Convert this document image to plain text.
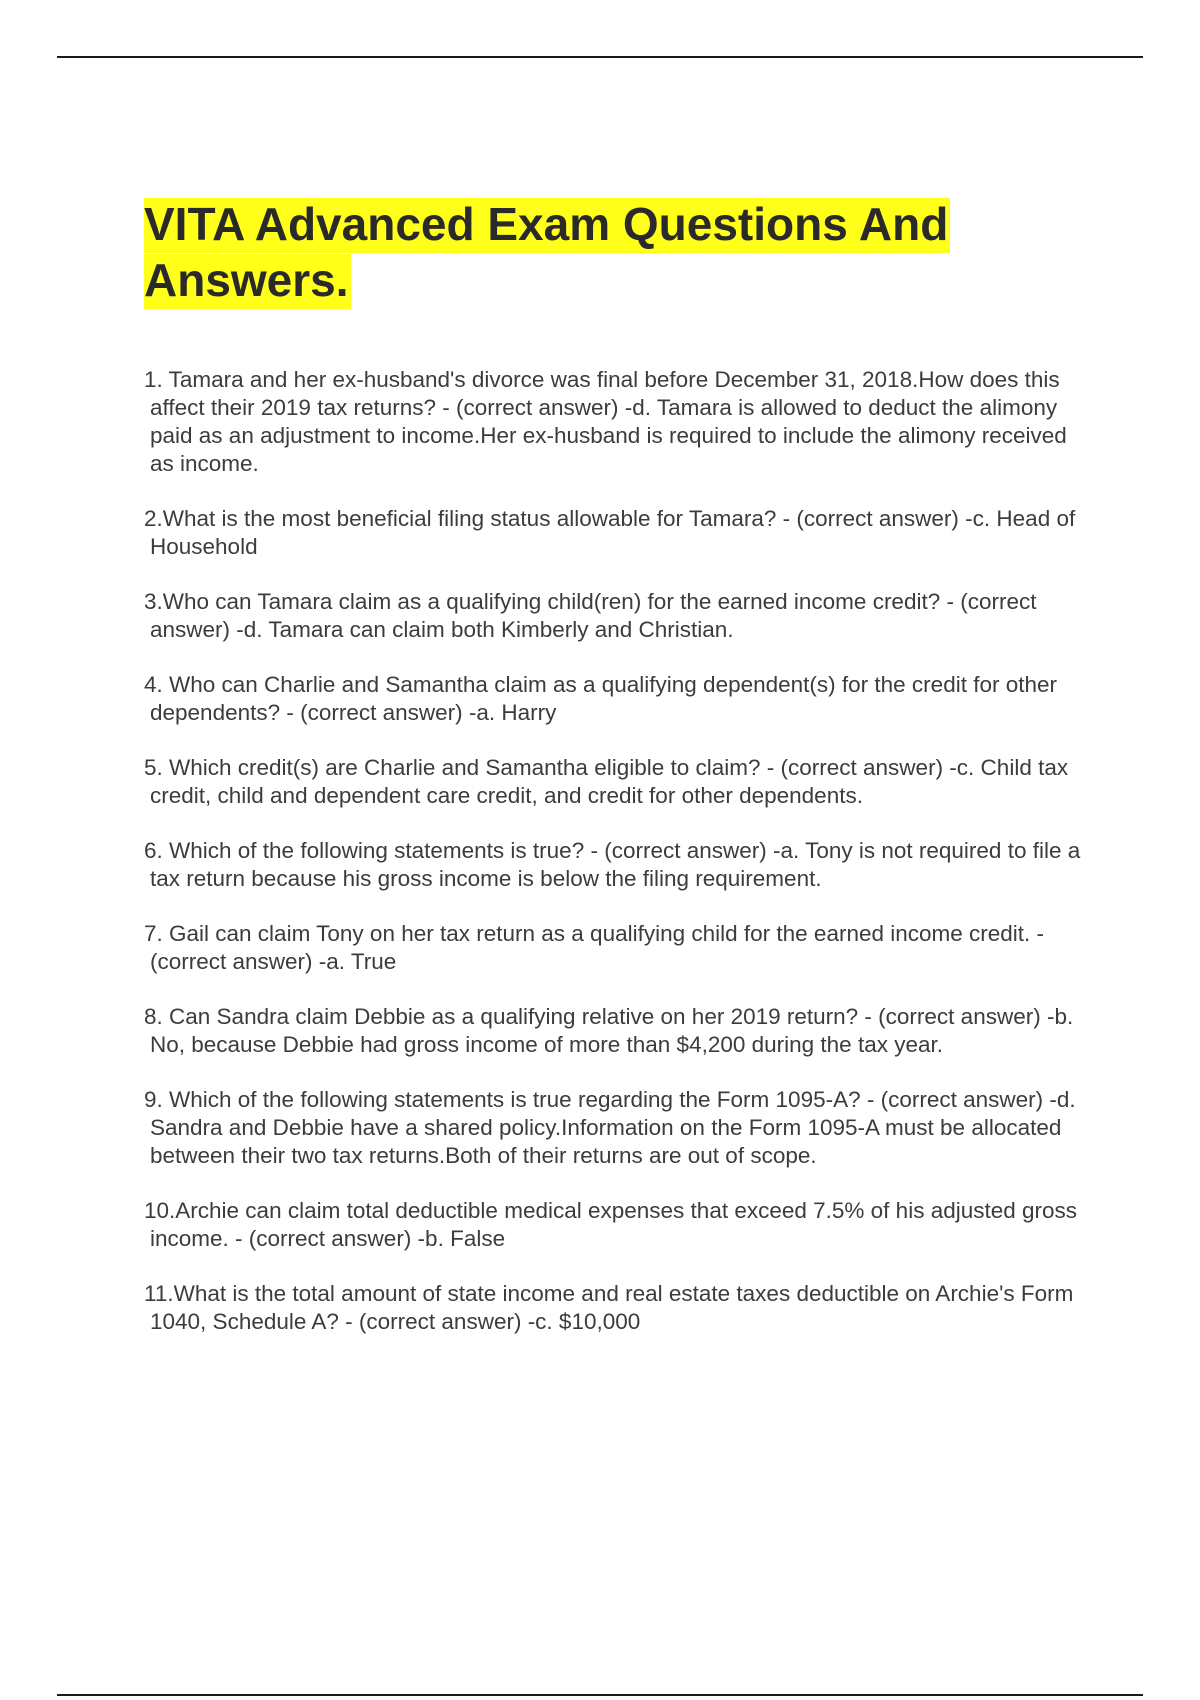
VITA Advanced Exam Questions And Answers.
1. Tamara and her ex-husband's divorce was final before December 31, 2018.How does this affect their 2019 tax returns? - (correct answer) -d. Tamara is allowed to deduct the alimony paid as an adjustment to income.Her ex-husband is required to include the alimony received as income.
2.What is the most beneficial filing status allowable for Tamara? - (correct answer) -c. Head of Household
3.Who can Tamara claim as a qualifying child(ren) for the earned income credit? - (correct answer) -d. Tamara can claim both Kimberly and Christian.
4. Who can Charlie and Samantha claim as a qualifying dependent(s) for the credit for other dependents? - (correct answer) -a. Harry
5. Which credit(s) are Charlie and Samantha eligible to claim? - (correct answer) -c. Child tax credit, child and dependent care credit, and credit for other dependents.
6. Which of the following statements is true? - (correct answer) -a. Tony is not required to file a tax return because his gross income is below the filing requirement.
7. Gail can claim Tony on her tax return as a qualifying child for the earned income credit. - (correct answer) -a. True
8. Can Sandra claim Debbie as a qualifying relative on her 2019 return? - (correct answer) -b. No, because Debbie had gross income of more than $4,200 during the tax year.
9. Which of the following statements is true regarding the Form 1095-A? - (correct answer) -d. Sandra and Debbie have a shared policy.Information on the Form 1095-A must be allocated between their two tax returns.Both of their returns are out of scope.
10.Archie can claim total deductible medical expenses that exceed 7.5% of his adjusted gross income. - (correct answer) -b. False
11.What is the total amount of state income and real estate taxes deductible on Archie's Form 1040, Schedule A? - (correct answer) -c. $10,000
